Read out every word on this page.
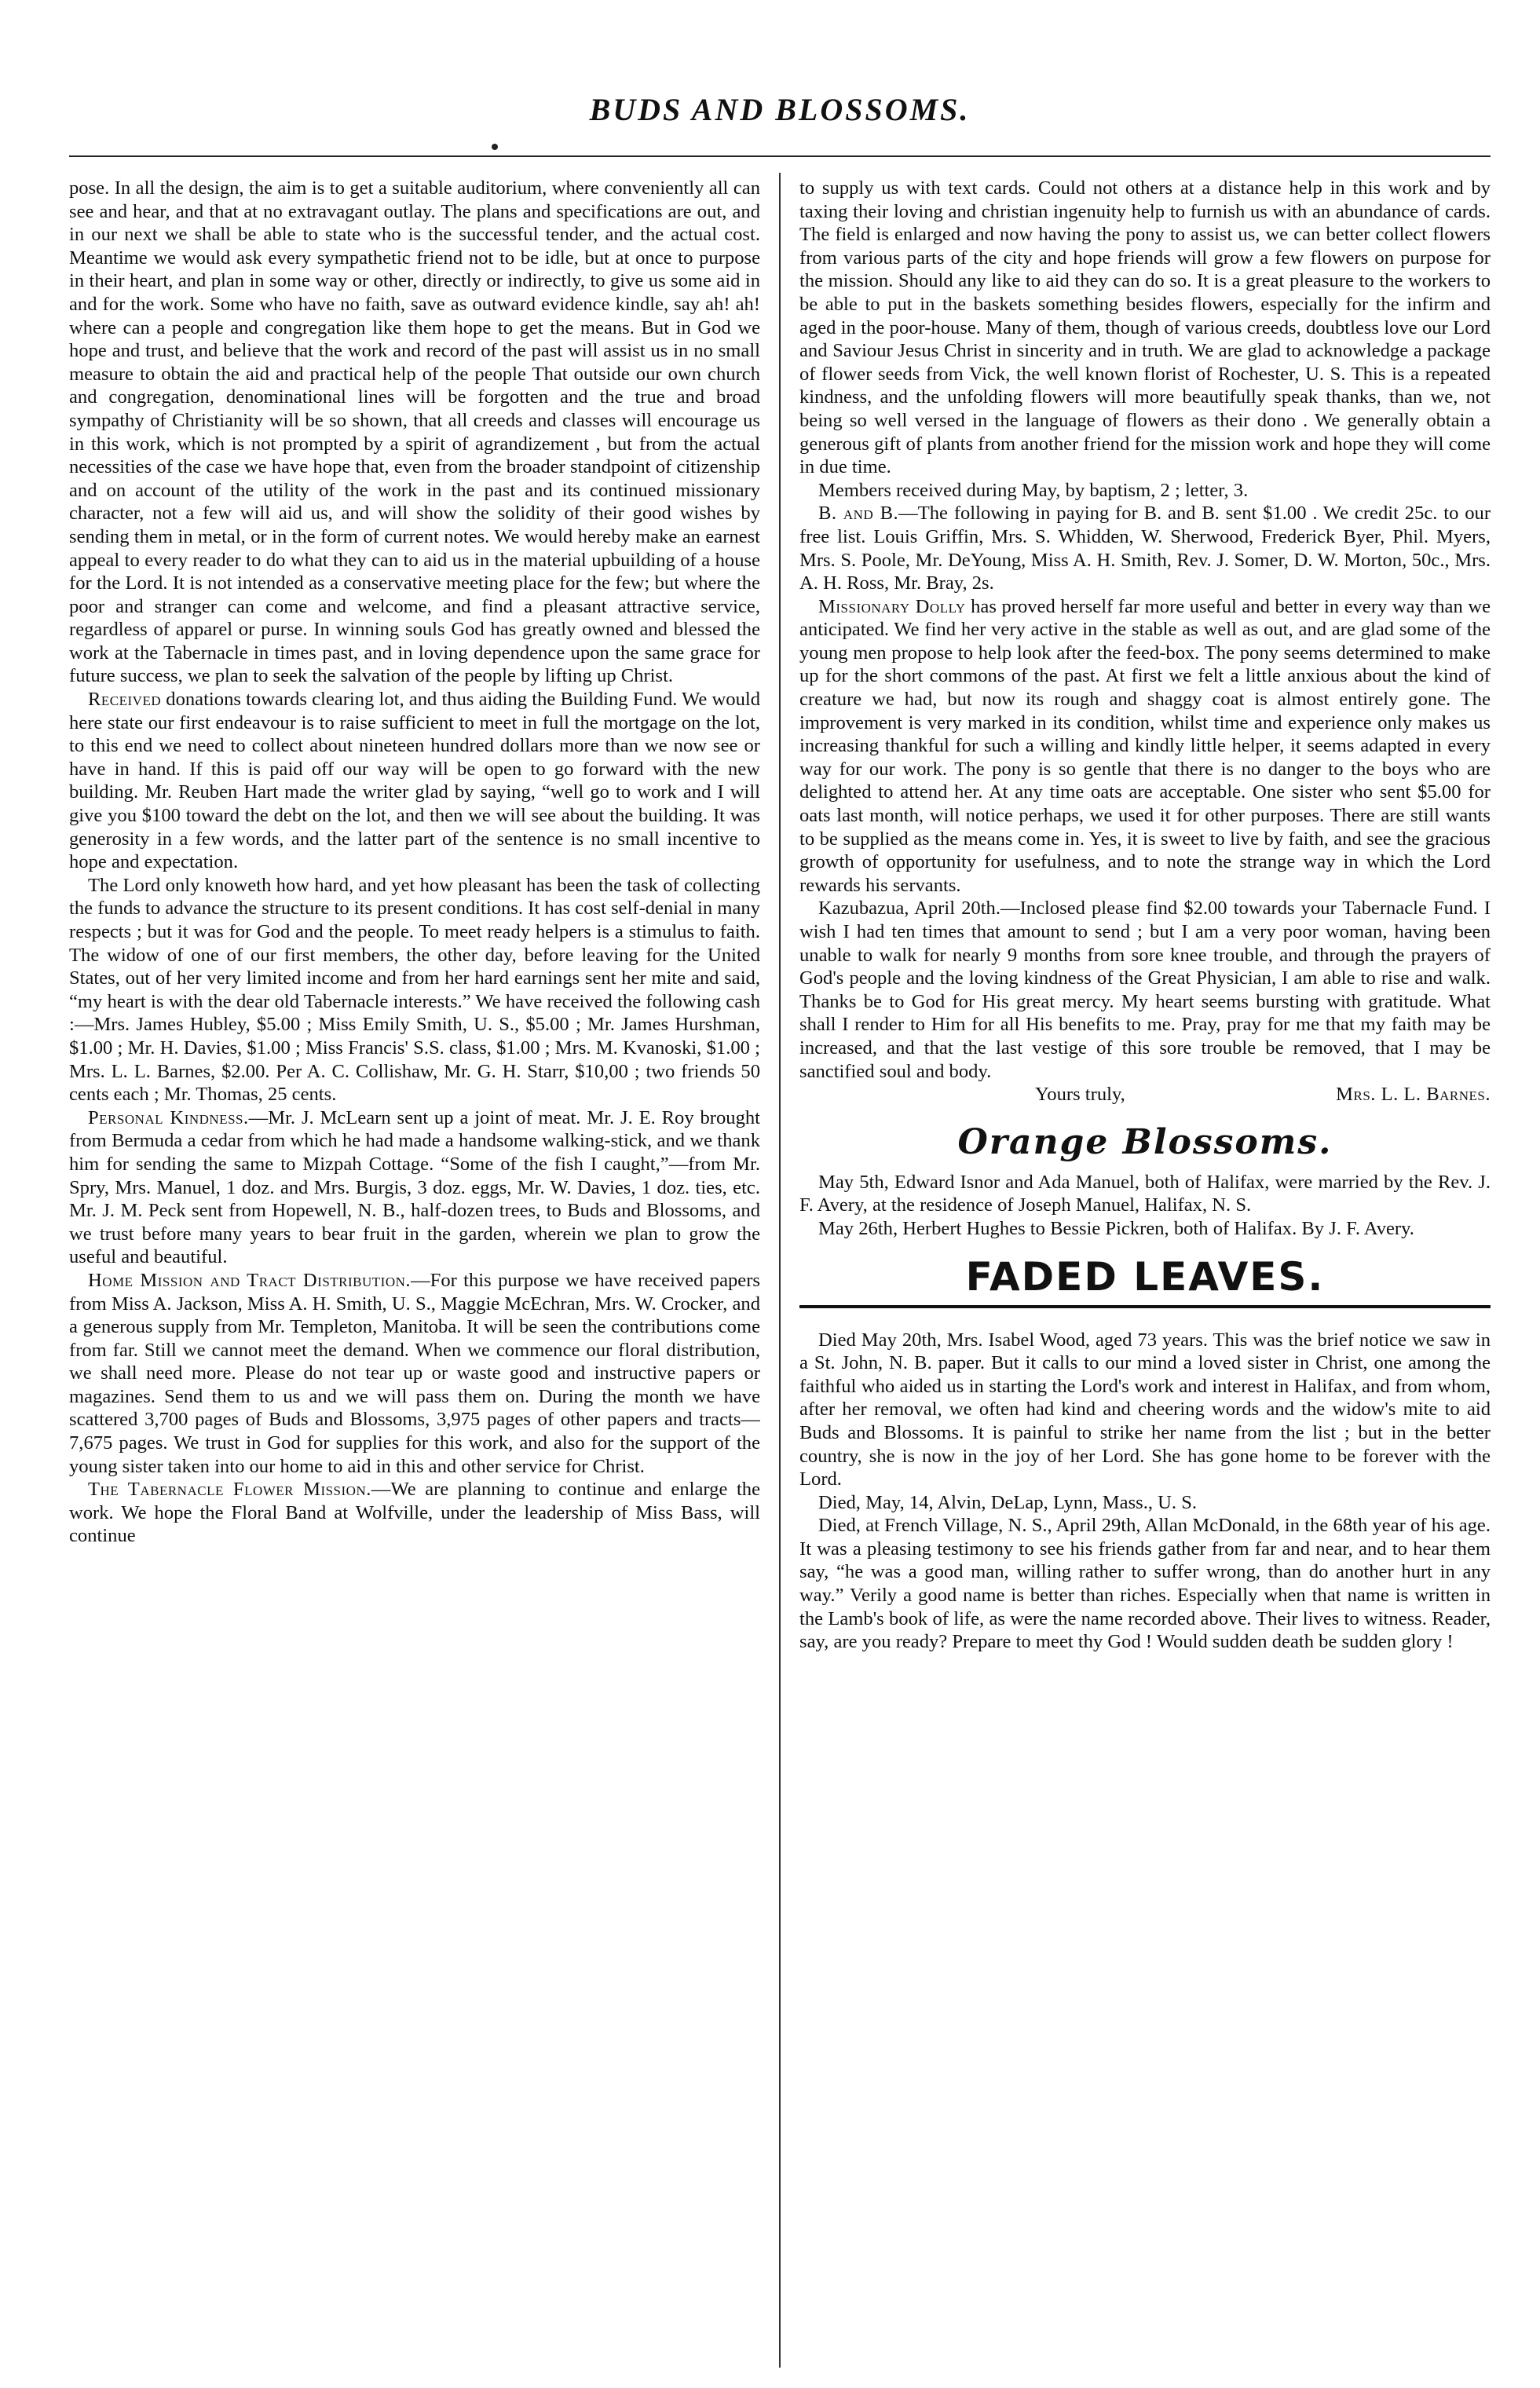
BUDS AND BLOSSOMS.

pose. In all the design, the aim is to get a suitable auditorium, where conveniently all can see and hear, and that at no extravagant outlay. The plans and specifications are out, and in our next we shall be able to state who is the successful tender, and the actual cost. Meantime we would ask every sympathetic friend not to be idle, but at once to purpose in their heart, and plan in some way or other, directly or indirectly, to give us some aid in and for the work. Some who have no faith, save as outward evidence kindle, say ah! ah! where can a people and congregation like them hope to get the means. But in God we hope and trust, and believe that the work and record of the past will assist us in no small measure to obtain the aid and practical help of the people That outside our own church and congregation, denominational lines will be forgotten and the true and broad sympathy of Christianity will be so shown, that all creeds and classes will encourage us in this work, which is not prompted by a spirit of agrandizement , but from the actual necessities of the case we have hope that, even from the broader standpoint of citizenship and on account of the utility of the work in the past and its continued missionary character, not a few will aid us, and will show the solidity of their good wishes by sending them in metal, or in the form of current notes. We would hereby make an earnest appeal to every reader to do what they can to aid us in the material upbuilding of a house for the Lord. It is not intended as a conservative meeting place for the few; but where the poor and stranger can come and welcome, and find a pleasant attractive service, regardless of apparel or purse. In winning souls God has greatly owned and blessed the work at the Tabernacle in times past, and in loving dependence upon the same grace for future success, we plan to seek the salvation of the people by lifting up Christ.

Received donations towards clearing lot, and thus aiding the Building Fund. We would here state our first endeavour is to raise sufficient to meet in full the mortgage on the lot, to this end we need to collect about nineteen hundred dollars more than we now see or have in hand. If this is paid off our way will be open to go forward with the new building. Mr. Reuben Hart made the writer glad by saying, “well go to work and I will give you $100 toward the debt on the lot, and then we will see about the building. It was generosity in a few words, and the latter part of the sentence is no small incentive to hope and expectation.

The Lord only knoweth how hard, and yet how pleasant has been the task of collecting the funds to advance the structure to its present conditions. It has cost self-denial in many respects ; but it was for God and the people. To meet ready helpers is a stimulus to faith. The widow of one of our first members, the other day, before leaving for the United States, out of her very limited income and from her hard earnings sent her mite and said, “my heart is with the dear old Tabernacle interests.” We have received the following cash :—Mrs. James Hubley, $5.00 ; Miss Emily Smith, U. S., $5.00 ; Mr. James Hurshman, $1.00 ; Mr. H. Davies, $1.00 ; Miss Francis' S.S. class, $1.00 ; Mrs. M. Kvanoski, $1.00 ; Mrs. L. L. Barnes, $2.00. Per A. C. Collishaw, Mr. G. H. Starr, $10,00 ; two friends 50 cents each ; Mr. Thomas, 25 cents.

Personal Kindness.—Mr. J. McLearn sent up a joint of meat. Mr. J. E. Roy brought from Bermuda a cedar from which he had made a handsome walking-stick, and we thank him for sending the same to Mizpah Cottage. “Some of the fish I caught,”—from Mr. Spry, Mrs. Manuel, 1 doz. and Mrs. Burgis, 3 doz. eggs, Mr. W. Davies, 1 doz. ties, etc. Mr. J. M. Peck sent from Hopewell, N. B., half-dozen trees, to Buds and Blossoms, and we trust before many years to bear fruit in the garden, wherein we plan to grow the useful and beautiful.

Home Mission and Tract Distribution.—For this purpose we have received papers from Miss A. Jackson, Miss A. H. Smith, U. S., Maggie McEchran, Mrs. W. Crocker, and a generous supply from Mr. Templeton, Manitoba. It will be seen the contributions come from far. Still we cannot meet the demand. When we commence our floral distribution, we shall need more. Please do not tear up or waste good and instructive papers or magazines. Send them to us and we will pass them on. During the month we have scattered 3,700 pages of Buds and Blossoms, 3,975 pages of other papers and tracts—7,675 pages. We trust in God for supplies for this work, and also for the support of the young sister taken into our home to aid in this and other service for Christ.

The Tabernacle Flower Mission.—We are planning to continue and enlarge the work. We hope the Floral Band at Wolfville, under the leadership of Miss Bass, will continue

to supply us with text cards. Could not others at a distance help in this work and by taxing their loving and christian ingenuity help to furnish us with an abundance of cards. The field is enlarged and now having the pony to assist us, we can better collect flowers from various parts of the city and hope friends will grow a few flowers on purpose for the mission. Should any like to aid they can do so. It is a great pleasure to the workers to be able to put in the baskets something besides flowers, especially for the infirm and aged in the poor-house. Many of them, though of various creeds, doubtless love our Lord and Saviour Jesus Christ in sincerity and in truth. We are glad to acknowledge a package of flower seeds from Vick, the well known florist of Rochester, U. S. This is a repeated kindness, and the unfolding flowers will more beautifully speak thanks, than we, not being so well versed in the language of flowers as their dono . We generally obtain a generous gift of plants from another friend for the mission work and hope they will come in due time.

Members received during May, by baptism, 2 ; letter, 3.

B. and B.—The following in paying for B. and B. sent $1.00 . We credit 25c. to our free list. Louis Griffin, Mrs. S. Whidden, W. Sherwood, Frederick Byer, Phil. Myers, Mrs. S. Poole, Mr. DeYoung, Miss A. H. Smith, Rev. J. Somer, D. W. Morton, 50c., Mrs. A. H. Ross, Mr. Bray, 2s.

Missionary Dolly has proved herself far more useful and better in every way than we anticipated. We find her very active in the stable as well as out, and are glad some of the young men propose to help look after the feed-box. The pony seems determined to make up for the short commons of the past. At first we felt a little anxious about the kind of creature we had, but now its rough and shaggy coat is almost entirely gone. The improvement is very marked in its condition, whilst time and experience only makes us increasing thankful for such a willing and kindly little helper, it seems adapted in every way for our work. The pony is so gentle that there is no danger to the boys who are delighted to attend her. At any time oats are acceptable. One sister who sent $5.00 for oats last month, will notice perhaps, we used it for other purposes. There are still wants to be supplied as the means come in. Yes, it is sweet to live by faith, and see the gracious growth of opportunity for usefulness, and to note the strange way in which the Lord rewards his servants.

Kazubazua, April 20th.—Inclosed please find $2.00 towards your Tabernacle Fund. I wish I had ten times that amount to send ; but I am a very poor woman, having been unable to walk for nearly 9 months from sore knee trouble, and through the prayers of God's people and the loving kindness of the Great Physician, I am able to rise and walk. Thanks be to God for His great mercy. My heart seems bursting with gratitude. What shall I render to Him for all His benefits to me. Pray, pray for me that my faith may be increased, and that the last vestige of this sore trouble be removed, that I may be sanctified soul and body.

Yours truly,	Mrs. L. L. Barnes.

Orange Blossoms.

May 5th, Edward Isnor and Ada Manuel, both of Halifax, were married by the Rev. J. F. Avery, at the residence of Joseph Manuel, Halifax, N. S.

May 26th, Herbert Hughes to Bessie Pickren, both of Halifax. By J. F. Avery.

FADED LEAVES.

Died May 20th, Mrs. Isabel Wood, aged 73 years. This was the brief notice we saw in a St. John, N. B. paper. But it calls to our mind a loved sister in Christ, one among the faithful who aided us in starting the Lord's work and interest in Halifax, and from whom, after her removal, we often had kind and cheering words and the widow's mite to aid Buds and Blossoms. It is painful to strike her name from the list ; but in the better country, she is now in the joy of her Lord. She has gone home to be forever with the Lord.

Died, May, 14, Alvin, DeLap, Lynn, Mass., U. S.

Died, at French Village, N. S., April 29th, Allan McDonald, in the 68th year of his age. It was a pleasing testimony to see his friends gather from far and near, and to hear them say, “he was a good man, willing rather to suffer wrong, than do another hurt in any way.” Verily a good name is better than riches. Especially when that name is written in the Lamb's book of life, as were the name recorded above. Their lives to witness. Reader, say, are you ready? Prepare to meet thy God ! Would sudden death be sudden glory !
